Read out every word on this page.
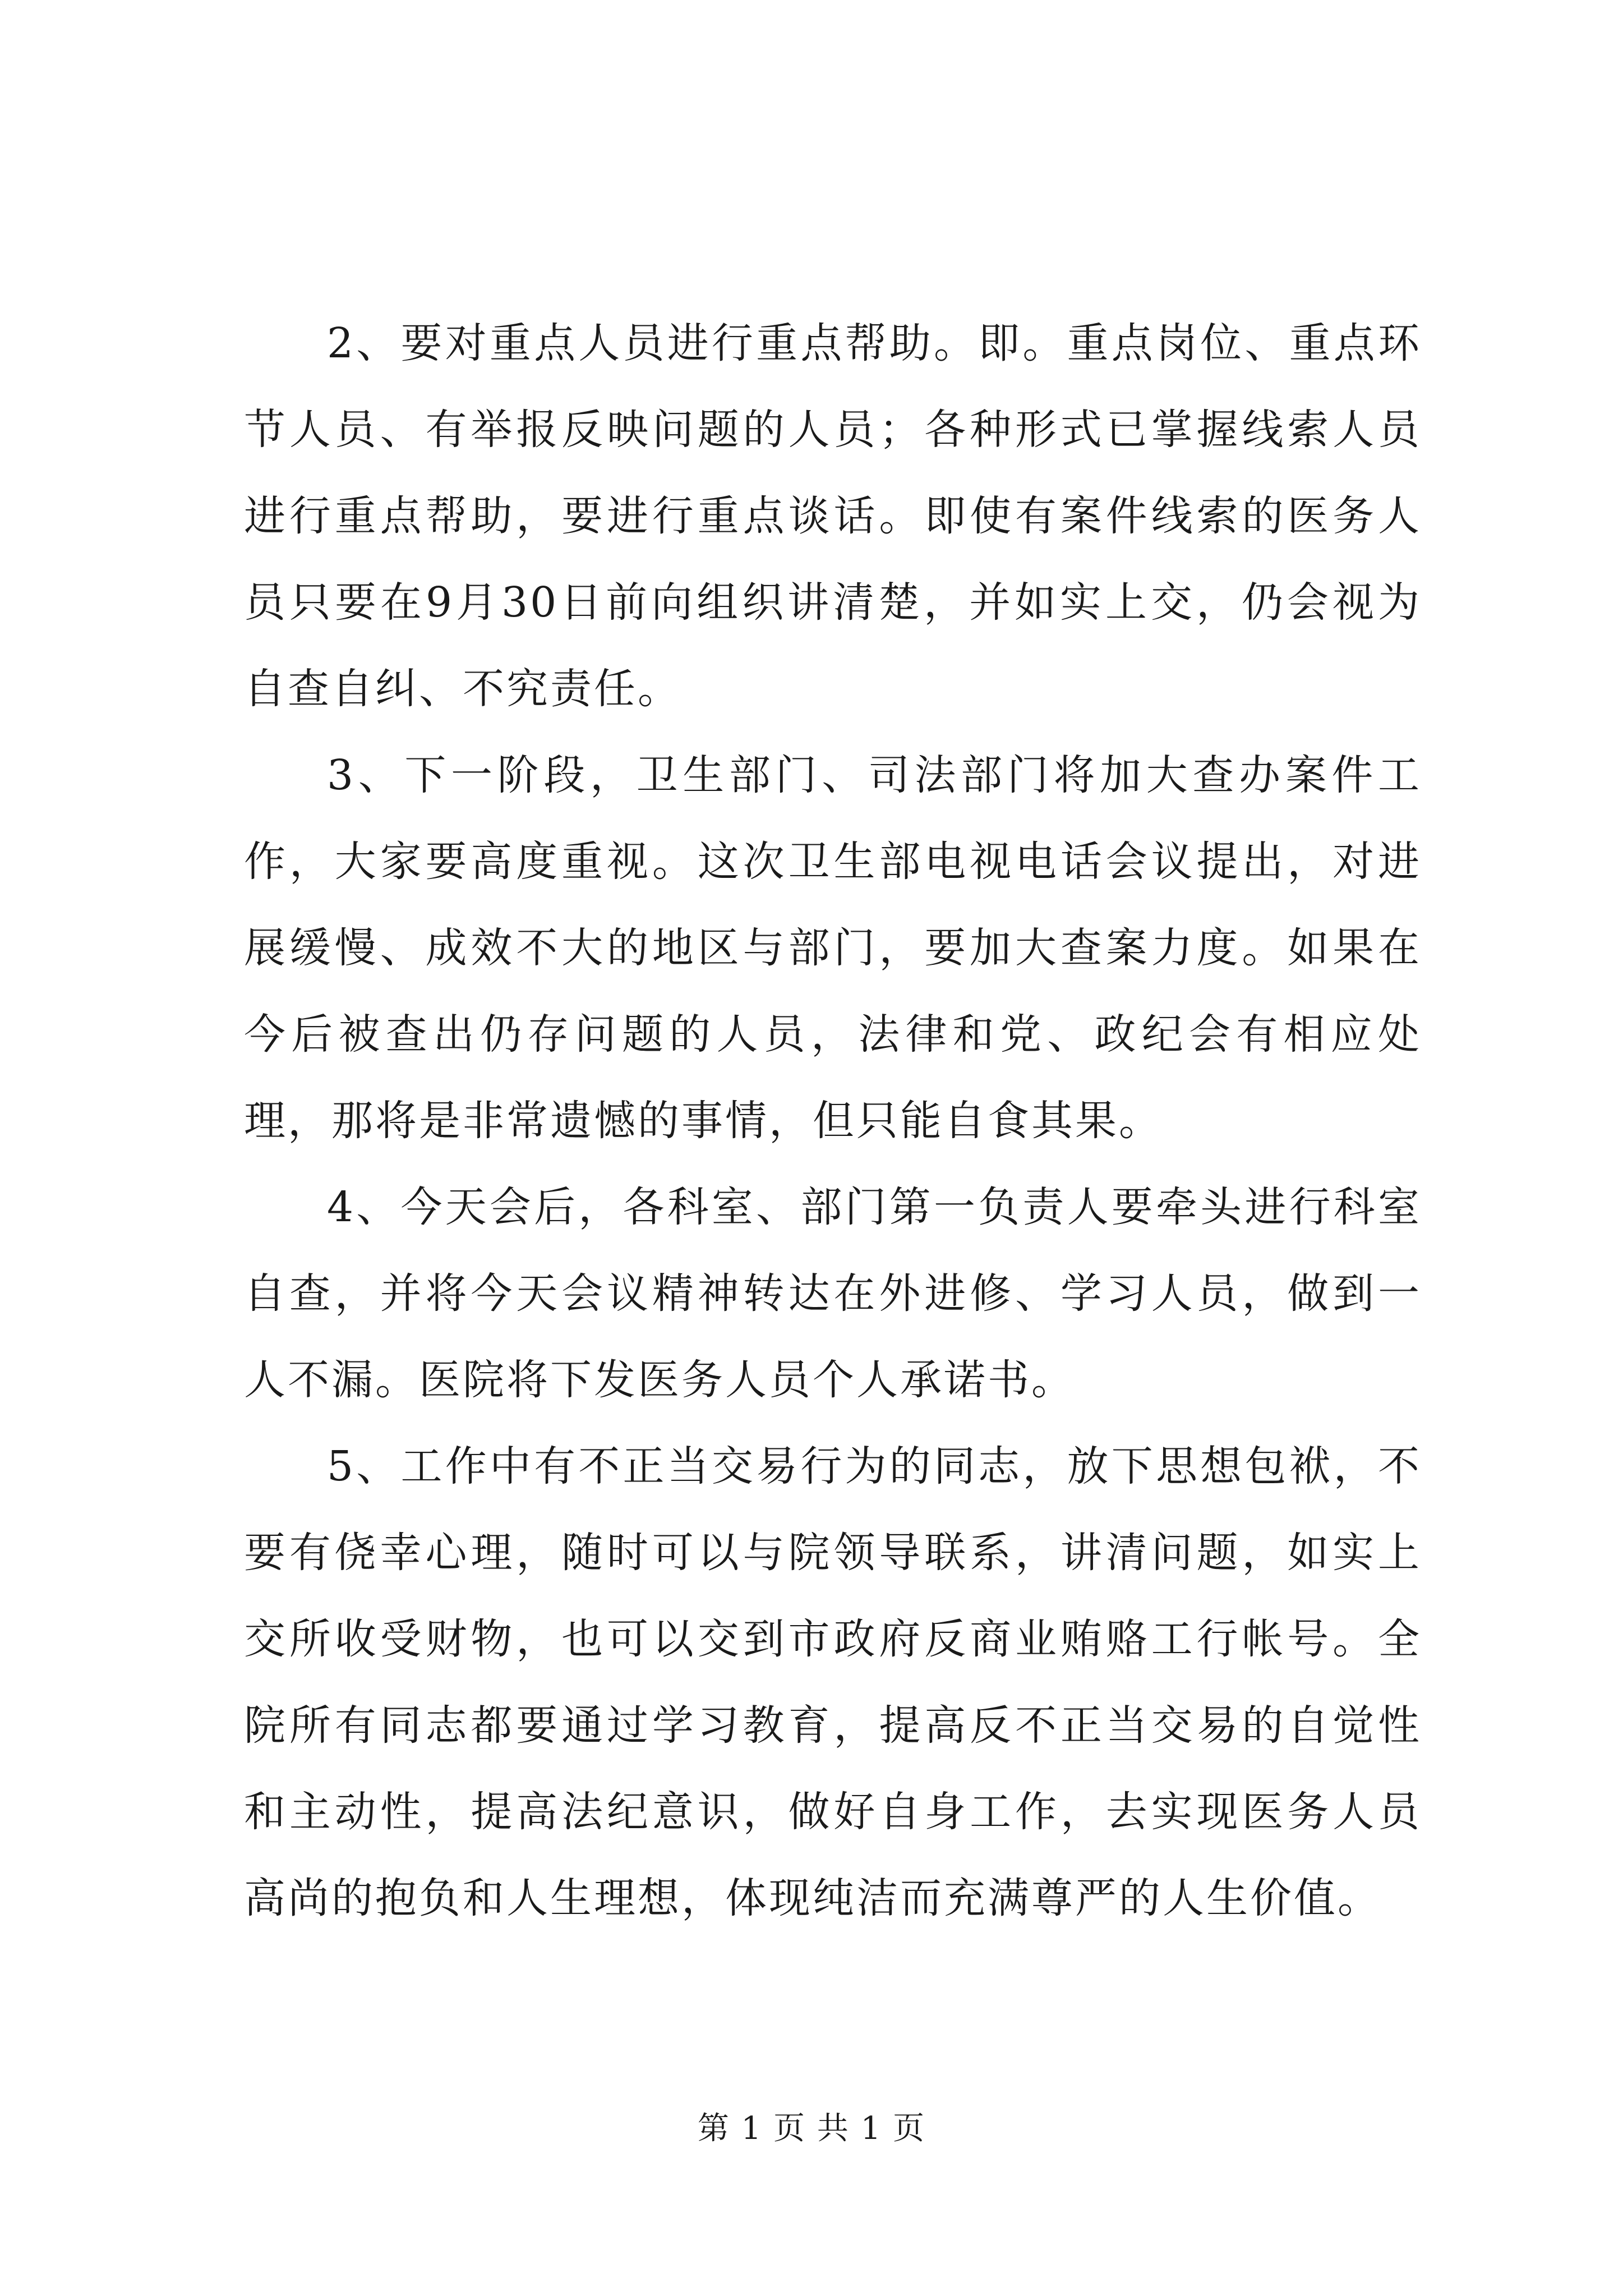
2、要对重点人员进行重点帮助。即。重点岗位、重点环节人员、有举报反映问题的人员；各种形式已掌握线索人员进行重点帮助，要进行重点谈话。即使有案件线索的医务人员只要在9月30日前向组织讲清楚，并如实上交，仍会视为自查自纠、不究责任。

3、下一阶段，卫生部门、司法部门将加大查办案件工作，大家要高度重视。这次卫生部电视电话会议提出，对进展缓慢、成效不大的地区与部门，要加大查案力度。如果在今后被查出仍存问题的人员，法律和党、政纪会有相应处理，那将是非常遗憾的事情，但只能自食其果。

4、今天会后，各科室、部门第一负责人要牵头进行科室自查，并将今天会议精神转达在外进修、学习人员，做到一人不漏。医院将下发医务人员个人承诺书。

5、工作中有不正当交易行为的同志，放下思想包袱，不要有侥幸心理，随时可以与院领导联系，讲清问题，如实上交所收受财物，也可以交到市政府反商业贿赂工行帐号。全院所有同志都要通过学习教育，提高反不正当交易的自觉性和主动性，提高法纪意识，做好自身工作，去实现医务人员高尚的抱负和人生理想，体现纯洁而充满尊严的人生价值。

第 1 页 共 1 页
